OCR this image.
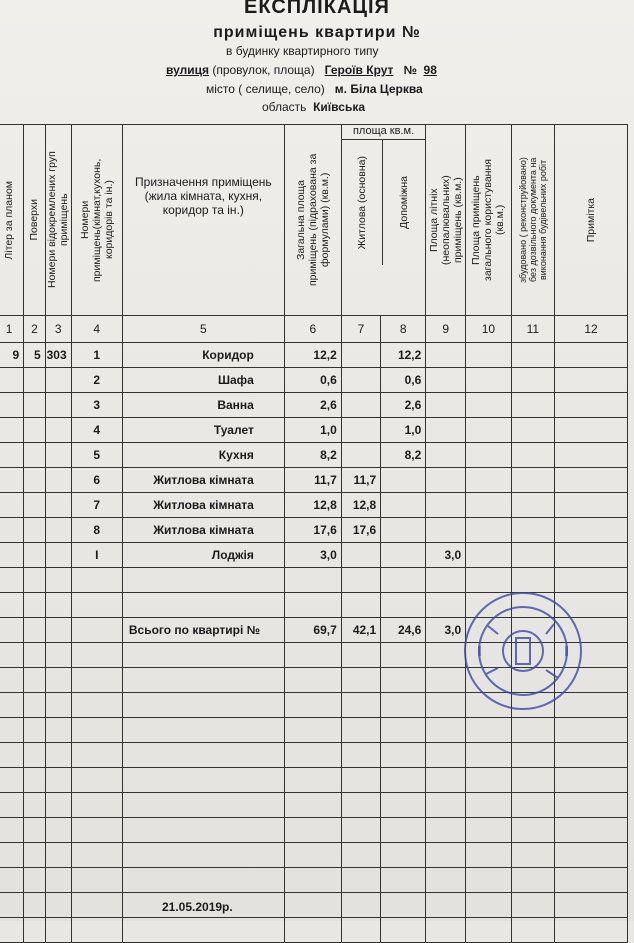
ЕКСПЛІКАЦІЯ
приміщень квартири №
в будинку квартирного типу
вулиця (провулок, площа) Героїв Крут № 98
місто ( селище, село) м. Біла Церква
область Київська
Літер за планом	Поверхи	Номери відокремлених груп приміщень	Номери приміщень(кімнат,кухонь, коридорів та ін.)	Призначення приміщень (жила кімната, кухня, коридор та ін.)	Загальна площа приміщень (підрахована за формулами) (кв.м.)	площа кв.м.
Житлова (основна) Допоміжна		Площа літніх (неопалювальних) приміщень (кв.м.)	Площа приміщень загального користування (кв.м.)	збудовано ( реконструйовано) без дозвільного документа на виконання будівельних робіт	Примітка

1	2	3	4	5	6	7	8	9	10	11	12
9	5	303	1	Коридор	12,2		12,2				
			2	Шафа	0,6		0,6				
			3	Ванна	2,6		2,6				
			4	Туалет	1,0		1,0				
			5	Кухня	8,2		8,2				
			6	Житлова кімната	11,7	11,7					
			7	Житлова кімната	12,8	12,8					
			8	Житлова кімната	17,6	17,6					
			I	Лоджія	3,0			3,0			

				Всього по квартирі №	69,7	42,1	24,6	3,0			

21.05.2019р.
